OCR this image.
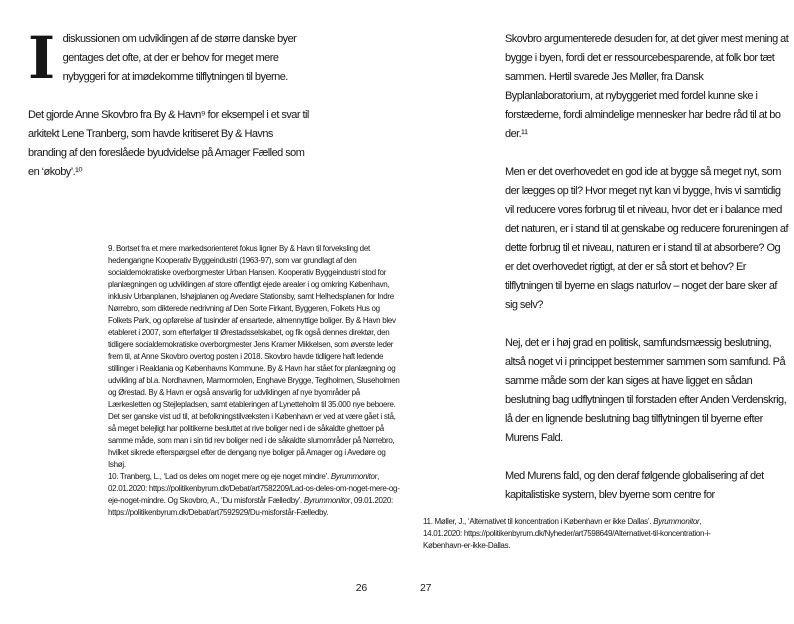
Idiskussionen om udviklingen af de større danske byer gentages det ofte, at der er behov for meget mere nybyggeri for at imødekomme tilflytningen til byerne.

Det gjorde Anne Skovbro fra By & Havn⁹ for eksempel i et svar til arkitekt Lene Tranberg, som havde kritiseret By & Havns branding af den foreslåede byudvidelse på Amager Fælled som en ‘økoby’.¹⁰

9. Bortset fra et mere markedsorienteret fokus ligner By & Havn til forveksling det hedengangne Kooperativ Byggeindustri (1963-97), som var grundlagt af den socialdemokratiske overborgmester Urban Hansen. Kooperativ Byggeindustri stod for planlægningen og udviklingen af store offentligt ejede arealer i og omkring København, inklusiv Urbanplanen, Ishøjplanen og Avedøre Stationsby, samt Helhedsplanen for Indre Nørrebro, som dikterede nedrivning af Den Sorte Firkant, Byggeren, Folkets Hus og Folkets Park, og opførelse af tusinder af ensartede, almennyttige boliger. By & Havn blev etableret i 2007, som efterfølger til Ørestadsselskabet, og fik også dennes direktør, den tidligere socialdemokratiske overborgmester Jens Kramer Mikkelsen, som øverste leder frem til, at Anne Skovbro overtog posten i 2018. Skovbro havde tidligere haft ledende stillinger i Realdania og Københavns Kommune. By & Havn har stået for planlægning og udvikling af bl.a. Nordhavnen, Marmormolen, Enghave Brygge, Teglholmen, Sluseholmen og Ørestad. By & Havn er også ansvarlig for udviklingen af nye byområder på Lærkesletten og Stejlepladsen, samt etableringen af Lynetteholm til 35.000 nye beboere. Det ser ganske vist ud til, at befolkningstilvæksten i København er ved at være gået i stå, så meget belejligt har politikerne besluttet at rive boliger ned i de såkaldte ghettoer på samme måde, som man i sin tid rev boliger ned i de såkaldte slumområder på Nørrebro, hvilket sikrede efterspørgsel efter de dengang nye boliger på Amager og i Avedøre og Ishøj.

10. Tranberg, L., ‘Lad os deles om noget mere og eje noget mindre’. Byrummonitor, 02.01.2020: https://politikenbyrum.dk/Debat/art7582209/Lad-os-deles-om-noget-mere-og-eje-noget-mindre. Og Skovbro, A., ‘Du misforstår Fælledby’. Byrummonitor, 09.01.2020: https://politikenbyrum.dk/Debat/art7592929/Du-misforstår-Fælledby.

Skovbro argumenterede desuden for, at det giver mest mening at bygge i byen, fordi det er ressourcebesparende, at folk bor tæt sammen. Hertil svarede Jes Møller, fra Dansk Byplanlaboratorium, at nybyggeriet med fordel kunne ske i forstæderne, fordi almindelige mennesker har bedre råd til at bo der.¹¹

Men er det overhovedet en god ide at bygge så meget nyt, som der lægges op til? Hvor meget nyt kan vi bygge, hvis vi samtidig vil reducere vores forbrug til et niveau, hvor det er i balance med det naturen, er i stand til at genskabe og reducere forureningen af dette forbrug til et niveau, naturen er i stand til at absorbere? Og er det overhovedet rigtigt, at der er så stort et behov? Er tilflytningen til byerne en slags naturlov – noget der bare sker af sig selv?

Nej, det er i høj grad en politisk, samfundsmæssig beslutning, altså noget vi i princippet bestemmer sammen som samfund. På samme måde som der kan siges at have ligget en sådan beslutning bag udflytningen til forstaden efter Anden Verdenskrig, lå der en lignende beslutning bag tilflytningen til byerne efter Murens Fald.

Med Murens fald, og den deraf følgende globalisering af det kapitalistiske system, blev byerne som centre for

11. Møller, J., ‘Alternativet til koncentration i København er ikke Dallas’. Byrummonitor, 14.01.2020: https://politikenbyrum.dk/Nyheder/art7598649/Alternativet-til-koncentration-i-København-er-ikke-Dallas.

26	27
